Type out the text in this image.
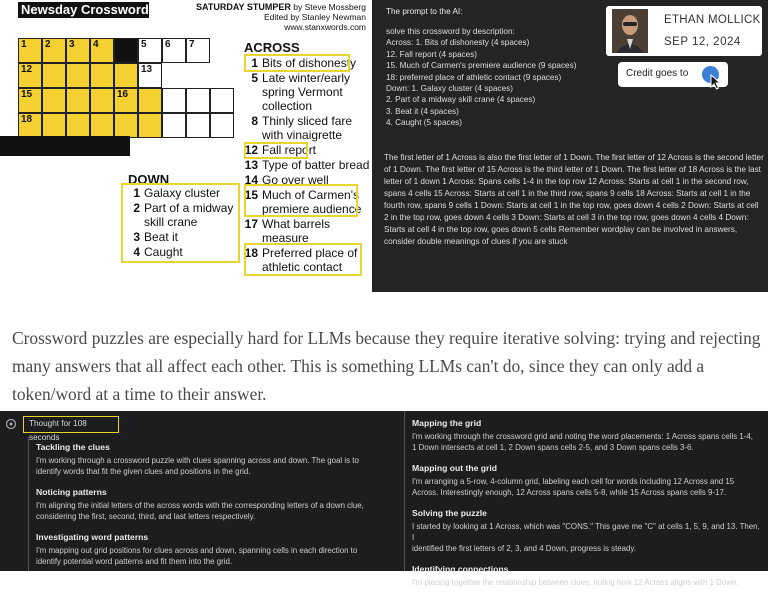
Newsday Crossword	SATURDAY STUMPER by Steve Mossberg
Edited by Stanley Newman
www.stanxwords.com
1 2 3 4	5 6 7
12	13
15	16
18
ACROSS
1 Bits of dishonesty
5 Late winter/early
spring Vermont
collection
8 Thinly sliced fare
with vinaigrette
12 Fall report
13 Type of batter bread
14 Go over well
15 Much of Carmen's
premiere audience
17 What barrels
measure
18 Preferred place of
athletic contact
DOWN
1 Galaxy cluster
2 Part of a midway
skill crane
3 Beat it
4 Caught
The prompt to the AI:
solve this crossword by description:
Across: 1. Bits of dishonesty (4 spaces)
12. Fall report (4 spaces)
15. Much of Carmen's premiere audience (9 spaces)
18: preferred place of athletic contact (9 spaces)
Down: 1. Galaxy cluster (4 spaces)
2. Part of a midway skill crane (4 spaces)
3. Beat it (4 spaces)
4. Caught (5 spaces)
The first letter of 1 Across is also the first letter of 1 Down. The first letter of 12 Across is the second letter of 1 Down. The first letter of 15 Across is the third letter of 1 Down. The first letter of 18 Across is the last letter of 1 down 1 Across: Spans cells 1-4 in the top row 12 Across: Starts at cell 1 in the second row, spans 4 cells 15 Across: Starts at cell 1 in the third row, spans 9 cells 18 Across: Starts at cell 1 in the fourth row, spans 9 cells 1 Down: Starts at cell 1 in the top row, goes down 4 cells 2 Down: Starts at cell 2 in the top row, goes down 4 cells 3 Down: Starts at cell 3 in the top row, goes down 4 cells 4 Down: Starts at cell 4 in the top row, goes down 5 cells Remember wordplay can be involved in answers, consider double meanings of clues if you are stuck
ETHAN MOLLICK
SEP 12, 2024
Credit goes to
Crossword puzzles are especially hard for LLMs because they require iterative solving: trying and rejecting many answers that all affect each other. This is something LLMs can't do, since they can only add a token/word at a time to their answer.
Thought for 108 seconds
Tackling the clues
I'm working through a crossword puzzle with clues spanning across and down. The goal is to
identify words that fit the given clues and positions in the grid.
Noticing patterns
I'm aligning the initial letters of the across words with the corresponding letters of a down clue,
considering the first, second, third, and last letters respectively.
Investigating word patterns
I'm mapping out grid positions for clues across and down, spanning cells in each direction to
identify potential word patterns and fit them into the grid.
Mapping the grid
I'm working through the crossword grid and noting the word placements: 1 Across spans cells 1-4,
1 Down intersects at cell 1, 2 Down spans cells 2-5, and 3 Down spans cells 3-6.
Mapping out the grid
I'm arranging a 5-row, 4-column grid, labeling each cell for words including 12 Across and 15
Across. Interestingly enough, 12 Across spans cells 5-8, while 15 Across spans cells 9-17.
Solving the puzzle
I started by looking at 1 Across, which was "CONS." This gave me "C" at cells 1, 5, 9, and 13. Then, I
identified the first letters of 2, 3, and 4 Down, progress is steady.
Identifying connections
I'm piecing together the relationship between clues, noting how 12 Across aligns with 1 Down.
